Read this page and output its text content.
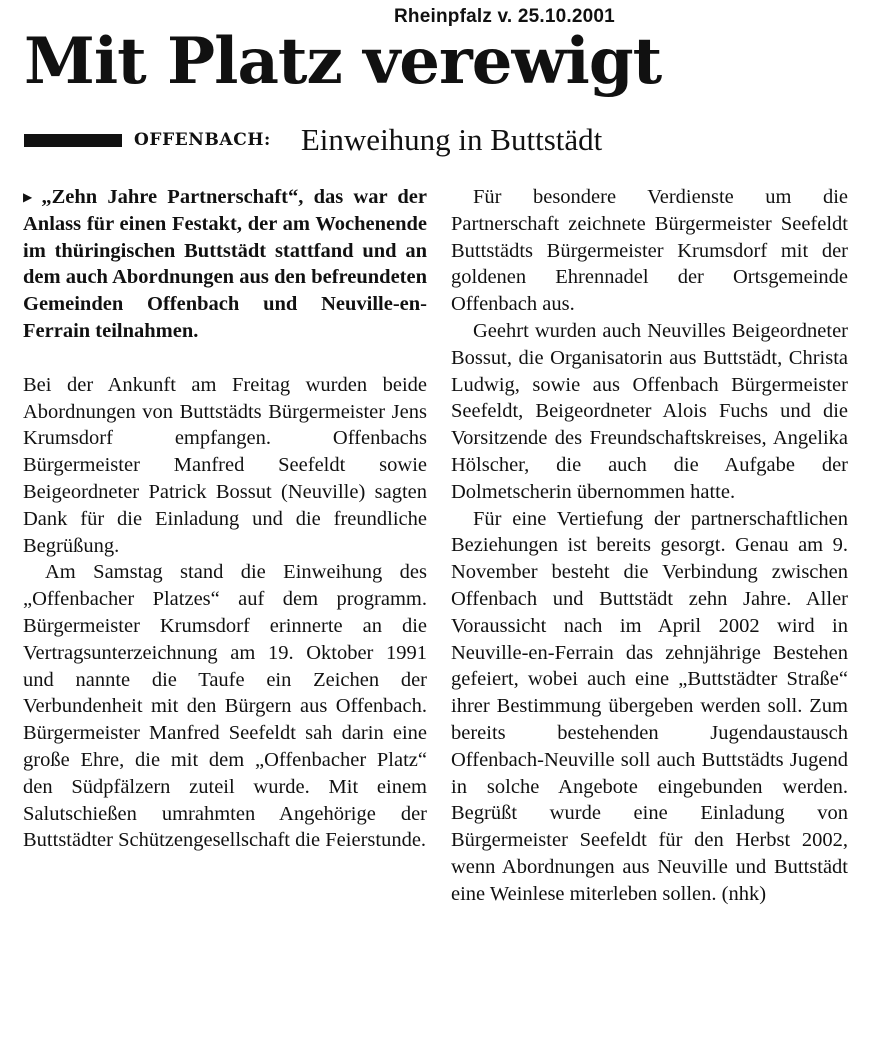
Rheinpfalz v. 25.10.2001
Mit Platz verewigt
OFFENBACH: Einweihung in Buttstädt

▶ „Zehn Jahre Partnerschaft“, das war der Anlass für einen Festakt, der am Wochenende im thüringischen Buttstädt stattfand und an dem auch Abordnungen aus den befreundeten Gemeinden Offenbach und Neuville-en-Ferrain teilnahmen.

Bei der Ankunft am Freitag wurden beide Abordnungen von Buttstädts Bürgermeister Jens Krumsdorf empfangen. Offenbachs Bürgermeister Manfred Seefeldt sowie Beigeordneter Patrick Bossut (Neuville) sagten Dank für die Einladung und die freundliche Begrüßung.

Am Samstag stand die Einweihung des „Offenbacher Platzes“ auf dem programm. Bürgermeister Krumsdorf erinnerte an die Vertragsunterzeichnung am 19. Oktober 1991 und nannte die Taufe ein Zeichen der Verbundenheit mit den Bürgern aus Offenbach. Bürgermeister Manfred Seefeldt sah darin eine große Ehre, die mit dem „Offenbacher Platz“ den Südpfälzern zuteil wurde. Mit einem Salutschießen umrahmten Angehörige der Buttstädter Schützengesellschaft die Feierstunde.

Für besondere Verdienste um die Partnerschaft zeichnete Bürgermeister Seefeldt Buttstädts Bürgermeister Krumsdorf mit der goldenen Ehrennadel der Ortsgemeinde Offenbach aus.

Geehrt wurden auch Neuvilles Beigeordneter Bossut, die Organisatorin aus Buttstädt, Christa Ludwig, sowie aus Offenbach Bürgermeister Seefeldt, Beigeordneter Alois Fuchs und die Vorsitzende des Freundschaftskreises, Angelika Hölscher, die auch die Aufgabe der Dolmetscherin übernommen hatte.

Für eine Vertiefung der partnerschaftlichen Beziehungen ist bereits gesorgt. Genau am 9. November besteht die Verbindung zwischen Offenbach und Buttstädt zehn Jahre. Aller Voraussicht nach im April 2002 wird in Neuville-en-Ferrain das zehnjährige Bestehen gefeiert, wobei auch eine „Buttstädter Straße“ ihrer Bestimmung übergeben werden soll. Zum bereits bestehenden Jugendaustausch Offenbach-Neuville soll auch Buttstädts Jugend in solche Angebote eingebunden werden. Begrüßt wurde eine Einladung von Bürgermeister Seefeldt für den Herbst 2002, wenn Abordnungen aus Neuville und Buttstädt eine Weinlese miterleben sollen. (nhk)
